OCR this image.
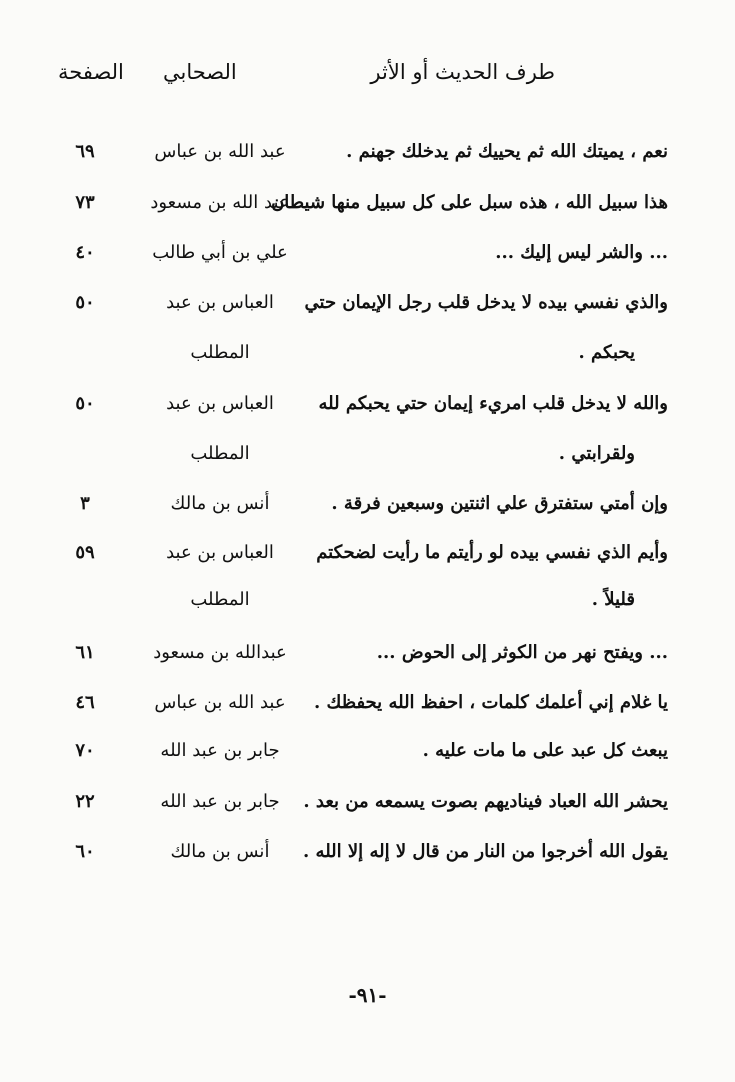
طرف الحديث أو الأثر
الصحابي
الصفحة
نعم ، يميتك الله ثم يحييك ثم يدخلك جهنم .
عبد الله بن عباس
٦٩
هذا سبيل الله ، هذه سبل على كل سبيل منها شيطان
عبد الله بن مسعود
٧٣
... والشر ليس إليك ...
علي بن أبي طالب
٤٠
والذي نفسي بيده لا يدخل قلب رجل الإيمان حتي
العباس بن عبد
٥٠
يحبكم .
المطلب
والله لا يدخل قلب امريء إيمان حتي يحبكم لله
العباس بن عبد
٥٠
ولقرابتي .
المطلب
وإن أمتي ستفترق علي اثنتين وسبعين فرقة .
أنس بن مالك
٣
وأيم الذي نفسي بيده لو رأيتم ما رأيت لضحكتم
العباس بن عبد
٥٩
قليلاً .
المطلب
... ويفتح نهر من الكوثر إلى الحوض ...
عبدالله بن مسعود
٦١
يا غلام إني أعلمك كلمات ، احفظ الله يحفظك .
عبد الله بن عباس
٤٦
يبعث كل عبد على ما مات عليه .
جابر بن عبد الله
٧٠
يحشر الله العباد فيناديهم بصوت يسمعه من بعد .
جابر بن عبد الله
٢٢
يقول الله أخرجوا من النار من قال لا إله إلا الله .
أنس بن مالك
٦٠
-٩١-
